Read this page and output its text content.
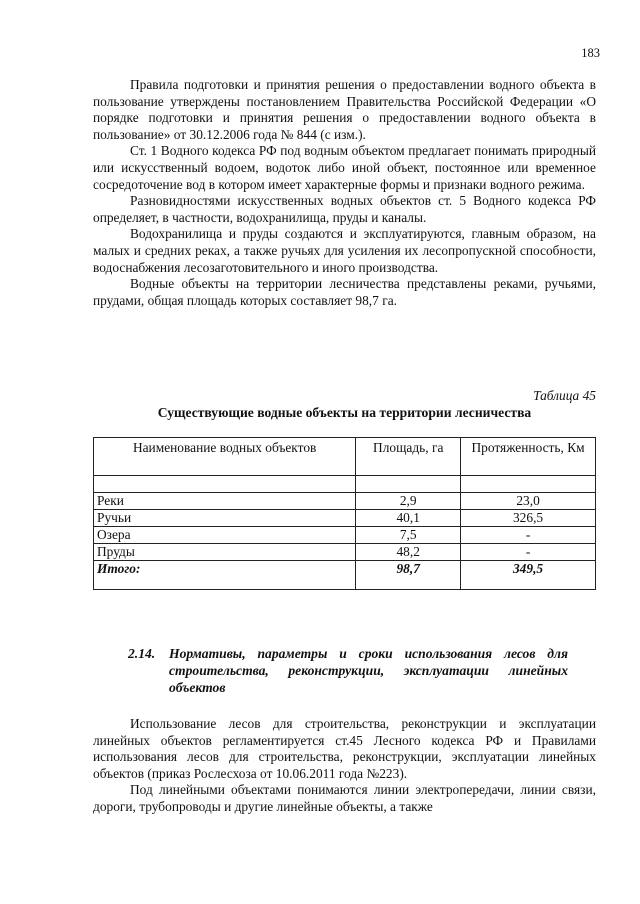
183

Правила подготовки и принятия решения о предоставлении водного объекта в пользование утверждены постановлением Правительства Российской Федерации «О порядке подготовки и принятия решения о предоставлении водного объекта в пользование» от 30.12.2006 года № 844 (с изм.).

Ст. 1 Водного кодекса РФ под водным объектом предлагает понимать природный или искусственный водоем, водоток либо иной объект, постоянное или временное сосредоточение вод в котором имеет характерные формы и признаки водного режима.

Разновидностями искусственных водных объектов ст. 5 Водного кодекса РФ определяет, в частности, водохранилища, пруды и каналы.

Водохранилища и пруды создаются и эксплуатируются, главным образом, на малых и средних реках, а также ручьях для усиления их лесопропускной способности, водоснабжения лесозаготовительного и иного производства.

Водные объекты на территории лесничества представлены реками, ручьями, прудами, общая площадь которых составляет 98,7 га.

Таблица 45
Существующие водные объекты на территории лесничества
Наименование водных объектов	Площадь, га	Протяженность, Км

Реки	2,9	23,0
Ручьи	40,1	326,5
Озера	7,5	-
Пруды	48,2	-
Итого:	98,7	349,5
2.14. Нормативы, параметры и сроки использования лесов для строительства, реконструкции, эксплуатации линейных объектов

Использование лесов для строительства, реконструкции и эксплуатации линейных объектов регламентируется ст.45 Лесного кодекса РФ и Правилами использования лесов для строительства, реконструкции, эксплуатации линейных объектов (приказ Рослесхоза от 10.06.2011 года №223).

Под линейными объектами понимаются линии электропередачи, линии связи, дороги, трубопроводы и другие линейные объекты, а также
